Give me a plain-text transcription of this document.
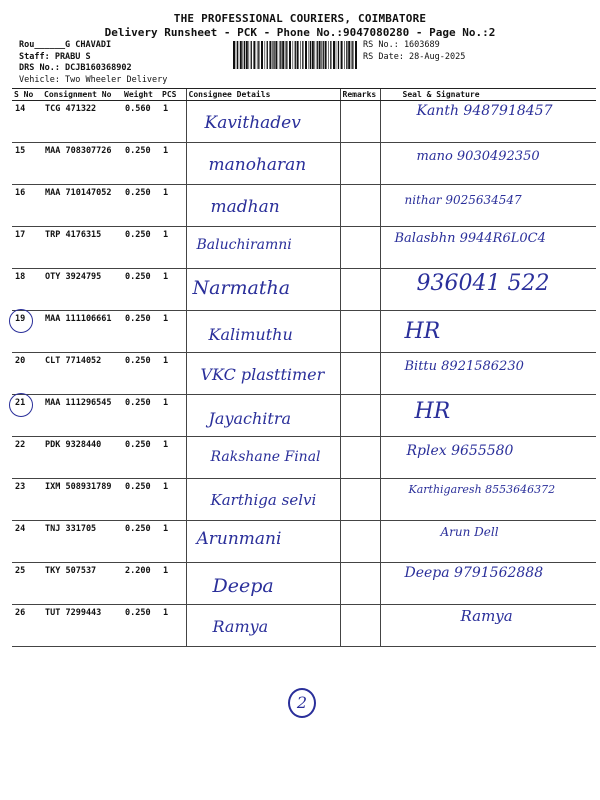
THE PROFESSIONAL COURIERS, COIMBATORE
Delivery Runsheet - PCK - Phone No.:9047080280 - Page No.:2
Rou______G CHAVADI
Staff: PRABU S
DRS No.: DCJB160368902
Vehicle: Two Wheeler Delivery
RS No.: 1603689
RS Date: 28-Aug-2025
S No	Consignment No	Weight	PCS	Consignee Details	Remarks	Seal & Signature
14	TCG 471322	0.560	1	Kavithadev		Kanth 9487918457

15	MAA 708307726	0.250	1	manoharan		mano 9030492350

16	MAA 710147052	0.250	1	madhan		nithar 9025634547

17	TRP 4176315	0.250	1	Baluchiramni		Balasbhn 9944R6L0C4

18	OTY 3924795	0.250	1	Narmatha		936041 522

19	MAA 111106661	0.250	1	Kalimuthu		HR

20	CLT 7714052	0.250	1	VKC plasttimer		Bittu 8921586230

21	MAA 111296545	0.250	1	Jayachitra		HR

22	PDK 9328440	0.250	1	Rakshane Final		Rplex 9655580

23	IXM 508931789	0.250	1	Karthiga selvi		Karthigaresh 8553646372

24	TNJ 331705	0.250	1	Arunmani		Arun Dell

25	TKY 507537	2.200	1	Deepa		Deepa 9791562888

26	TUT 7299443	0.250	1	Ramya		Ramya
2
